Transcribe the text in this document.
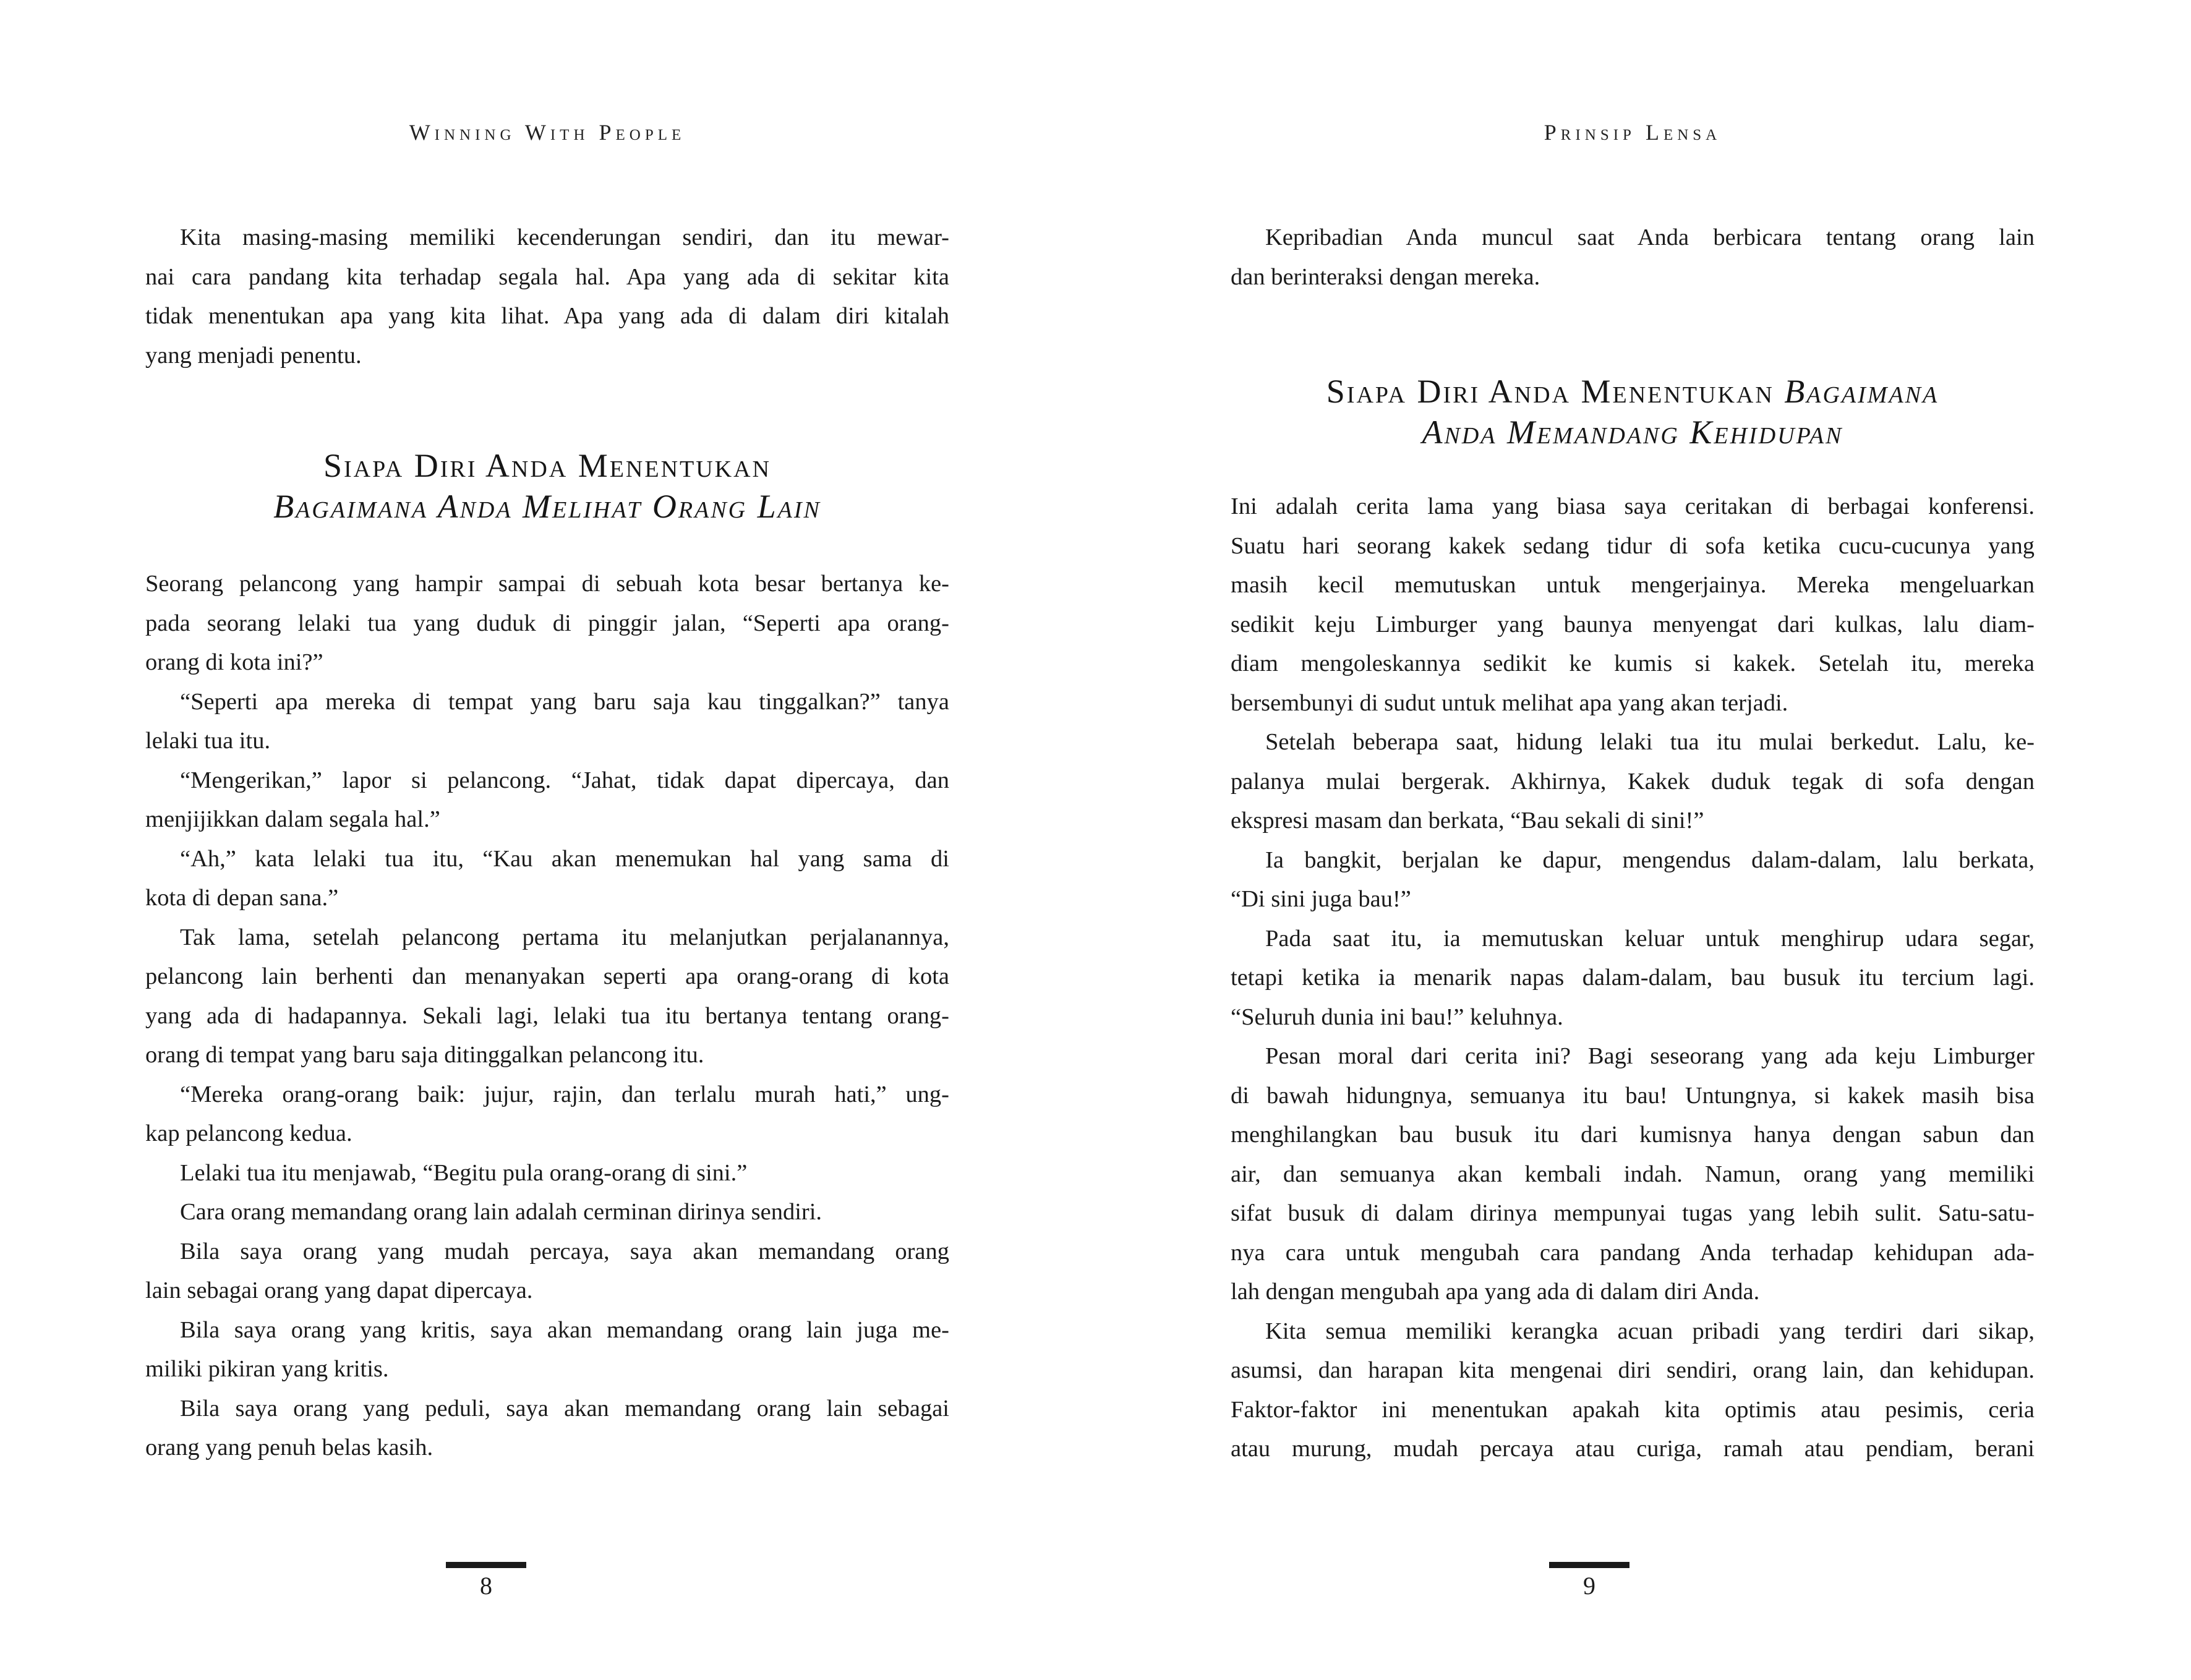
Winning With People
Kita masing-masing memiliki kecenderungan sendiri, dan itu mewar-
nai cara pandang kita terhadap segala hal. Apa yang ada di sekitar kita
tidak menentukan apa yang kita lihat. Apa yang ada di dalam diri kitalah
yang menjadi penentu.
Siapa Diri Anda Menentukan
Bagaimana Anda Melihat Orang Lain
Seorang pelancong yang hampir sampai di sebuah kota besar bertanya ke-
pada seorang lelaki tua yang duduk di pinggir jalan, “Seperti apa orang-
orang di kota ini?”
“Seperti apa mereka di tempat yang baru saja kau tinggalkan?” tanya
lelaki tua itu.
“Mengerikan,” lapor si pelancong. “Jahat, tidak dapat dipercaya, dan
menjijikkan dalam segala hal.”
“Ah,” kata lelaki tua itu, “Kau akan menemukan hal yang sama di
kota di depan sana.”
Tak lama, setelah pelancong pertama itu melanjutkan perjalanannya,
pelancong lain berhenti dan menanyakan seperti apa orang-orang di kota
yang ada di hadapannya. Sekali lagi, lelaki tua itu bertanya tentang orang-
orang di tempat yang baru saja ditinggalkan pelancong itu.
“Mereka orang-orang baik: jujur, rajin, dan terlalu murah hati,” ung-
kap pelancong kedua.
Lelaki tua itu menjawab, “Begitu pula orang-orang di sini.”
Cara orang memandang orang lain adalah cerminan dirinya sendiri.
Bila saya orang yang mudah percaya, saya akan memandang orang
lain sebagai orang yang dapat dipercaya.
Bila saya orang yang kritis, saya akan memandang orang lain juga me-
miliki pikiran yang kritis.
Bila saya orang yang peduli, saya akan memandang orang lain sebagai
orang yang penuh belas kasih.
8
Prinsip Lensa
Kepribadian Anda muncul saat Anda berbicara tentang orang lain
dan berinteraksi dengan mereka.
Siapa Diri Anda Menentukan Bagaimana
Anda Memandang Kehidupan
Ini adalah cerita lama yang biasa saya ceritakan di berbagai konferensi.
Suatu hari seorang kakek sedang tidur di sofa ketika cucu-cucunya yang
masih kecil memutuskan untuk mengerjainya. Mereka mengeluarkan
sedikit keju Limburger yang baunya menyengat dari kulkas, lalu diam-
diam mengoleskannya sedikit ke kumis si kakek. Setelah itu, mereka
bersembunyi di sudut untuk melihat apa yang akan terjadi.
Setelah beberapa saat, hidung lelaki tua itu mulai berkedut. Lalu, ke-
palanya mulai bergerak. Akhirnya, Kakek duduk tegak di sofa dengan
ekspresi masam dan berkata, “Bau sekali di sini!”
Ia bangkit, berjalan ke dapur, mengendus dalam-dalam, lalu berkata,
“Di sini juga bau!”
Pada saat itu, ia memutuskan keluar untuk menghirup udara segar,
tetapi ketika ia menarik napas dalam-dalam, bau busuk itu tercium lagi.
“Seluruh dunia ini bau!” keluhnya.
Pesan moral dari cerita ini? Bagi seseorang yang ada keju Limburger
di bawah hidungnya, semuanya itu bau! Untungnya, si kakek masih bisa
menghilangkan bau busuk itu dari kumisnya hanya dengan sabun dan
air, dan semuanya akan kembali indah. Namun, orang yang memiliki
sifat busuk di dalam dirinya mempunyai tugas yang lebih sulit. Satu-satu-
nya cara untuk mengubah cara pandang Anda terhadap kehidupan ada-
lah dengan mengubah apa yang ada di dalam diri Anda.
Kita semua memiliki kerangka acuan pribadi yang terdiri dari sikap,
asumsi, dan harapan kita mengenai diri sendiri, orang lain, dan kehidupan.
Faktor-faktor ini menentukan apakah kita optimis atau pesimis, ceria
atau murung, mudah percaya atau curiga, ramah atau pendiam, berani
9
